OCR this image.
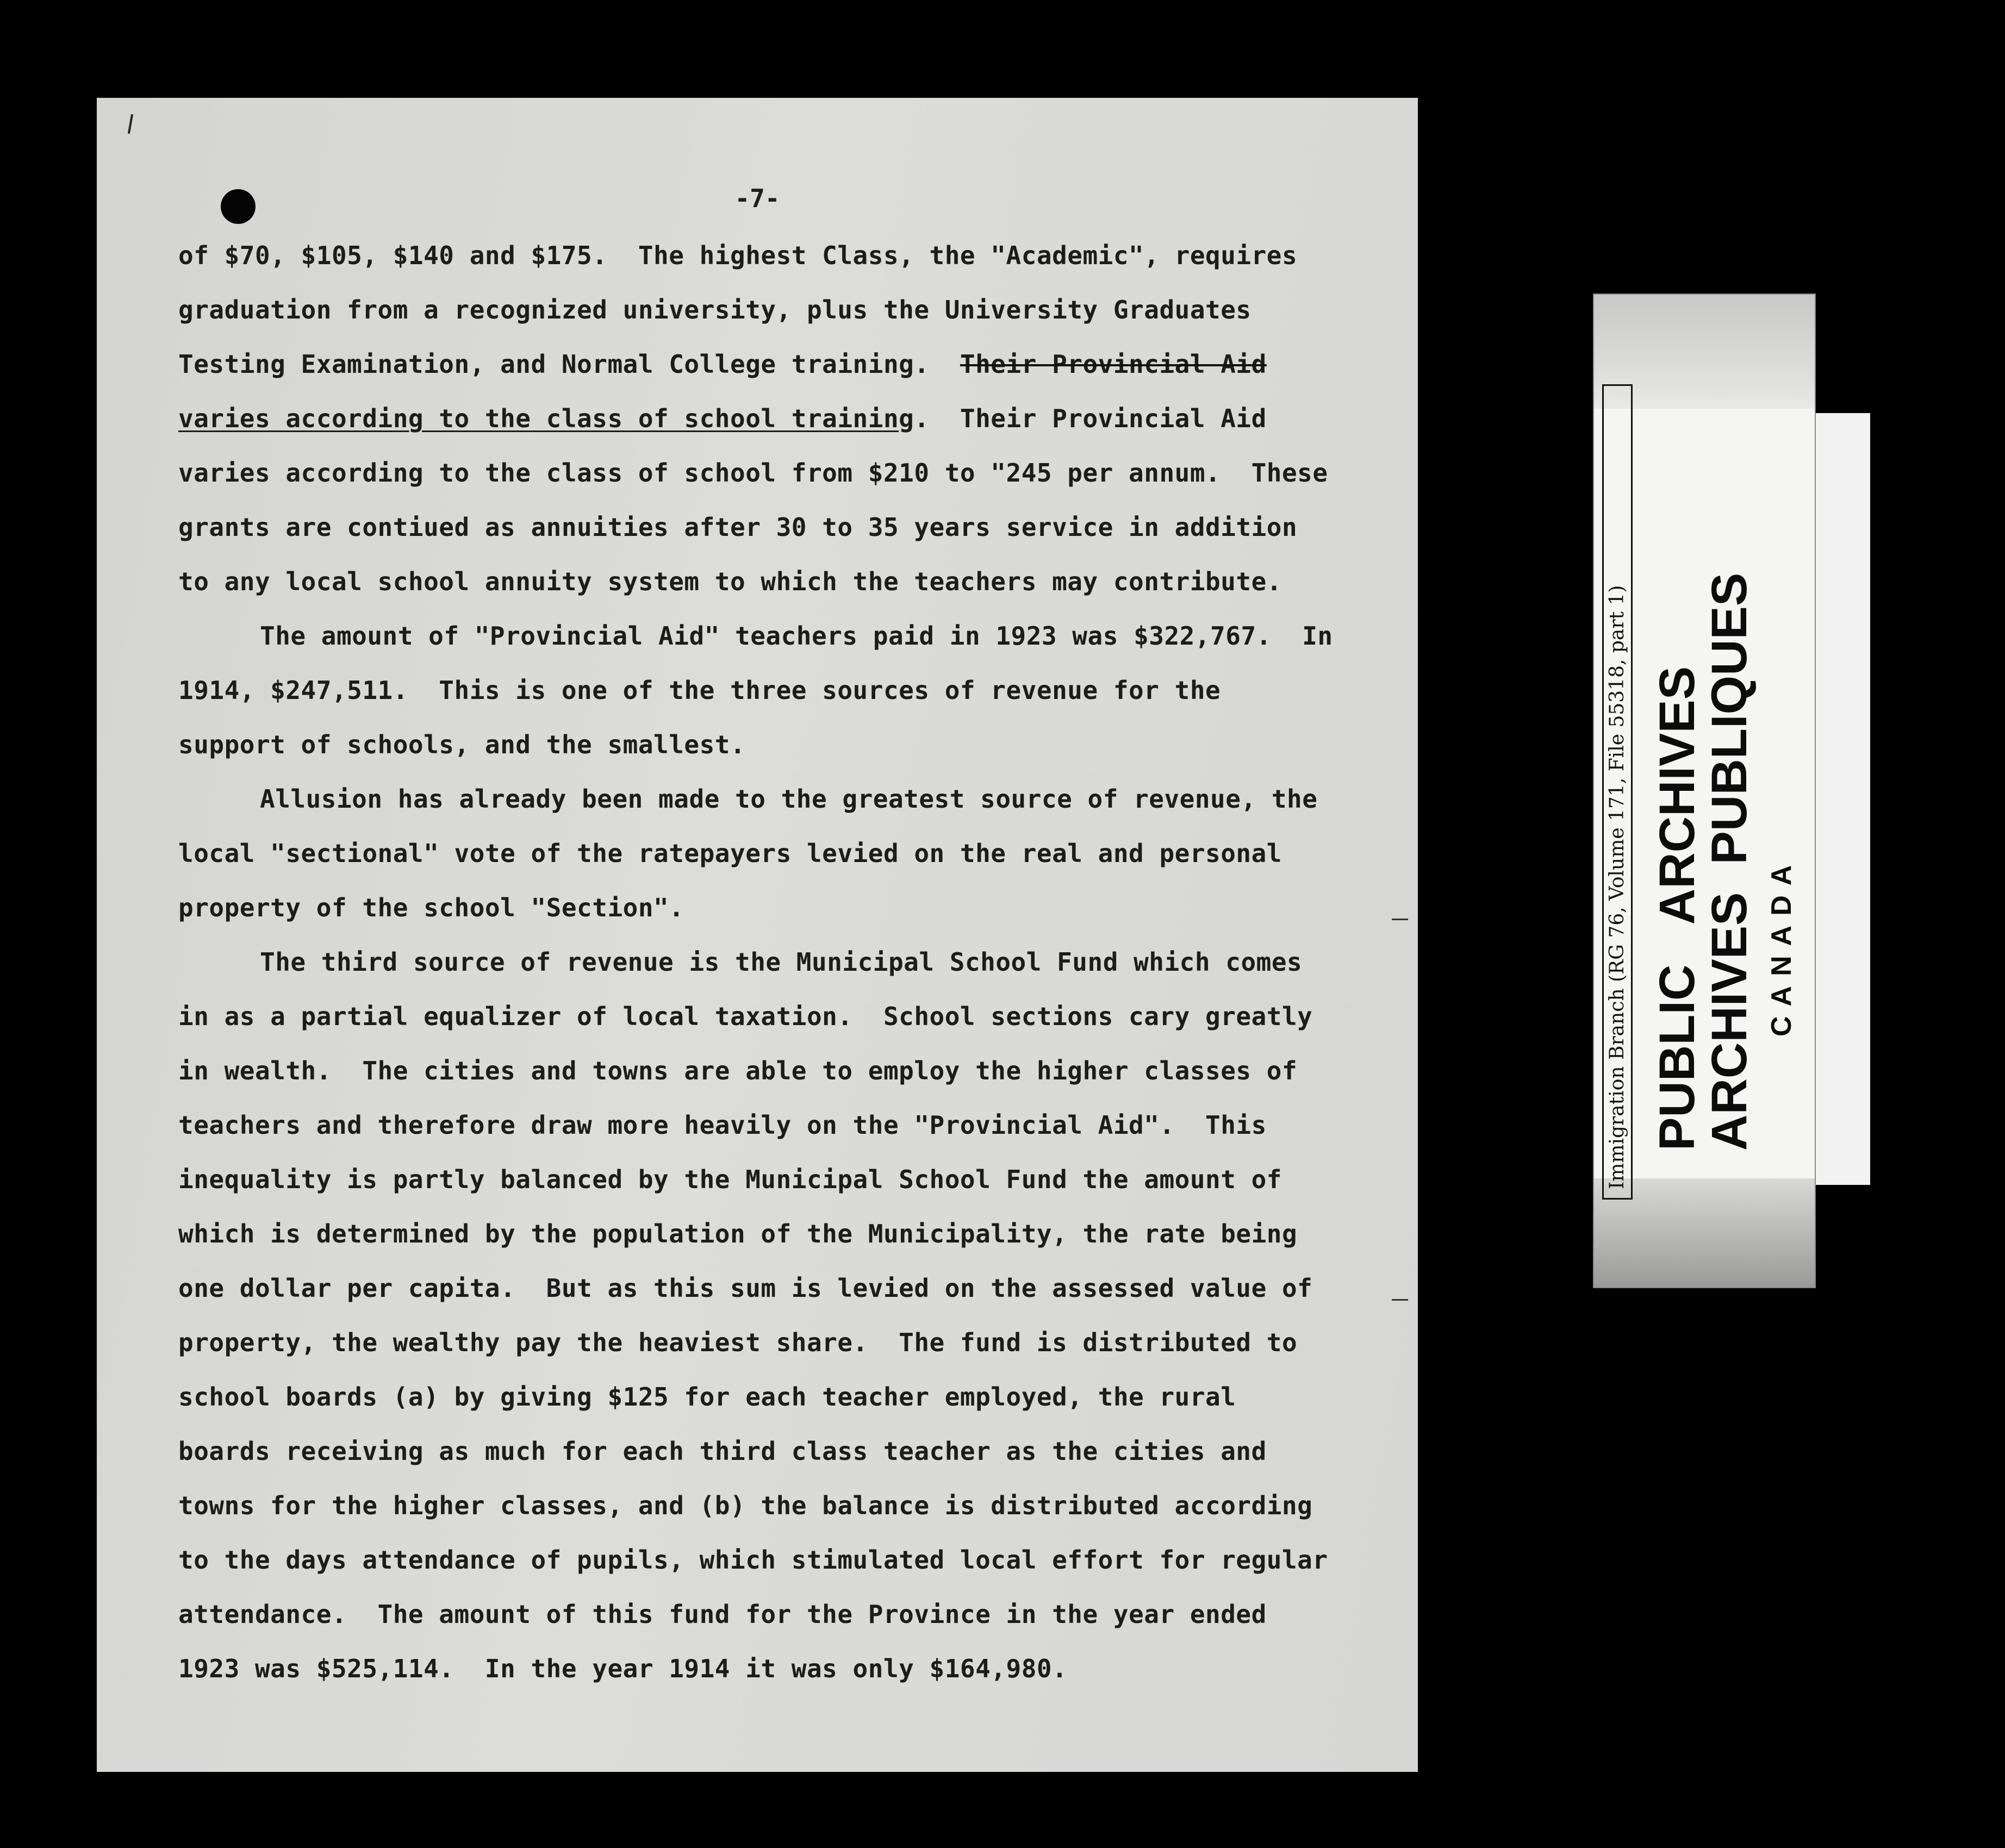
-7-
of $70, $105, $140 and $175.  The highest Class, the "Academic", requires
graduation from a recognized university, plus the University Graduates
Testing Examination, and Normal College training. Their Provincial Aid
varies according to the class of school training.  Their Provincial Aid
varies according to the class of school from $210 to "245 per annum.  These
grants are contiued as annuities after 30 to 35 years service in addition
to any local school annuity system to which the teachers may contribute.
The amount of "Provincial Aid" teachers paid in 1923 was $322,767.  In
1914, $247,511.  This is one of the three sources of revenue for the
support of schools, and the smallest.
Allusion has already been made to the greatest source of revenue, the
local "sectional" vote of the ratepayers levied on the real and personal
property of the school "Section".
The third source of revenue is the Municipal School Fund which comes
in as a partial equalizer of local taxation.  School sections cary greatly
in wealth.  The cities and towns are able to employ the higher classes of
teachers and therefore draw more heavily on the "Provincial Aid".  This
inequality is partly balanced by the Municipal School Fund the amount of
which is determined by the population of the Municipality, the rate being
one dollar per capita.  But as this sum is levied on the assessed value of
property, the wealthy pay the heaviest share.  The fund is distributed to
school boards (a) by giving $125 for each teacher employed, the rural
boards receiving as much for each third class teacher as the cities and
towns for the higher classes, and (b) the balance is distributed according
to the days attendance of pupils, which stimulated local effort for regular
attendance.  The amount of this fund for the Province in the year ended
1923 was $525,114.  In the year 1914 it was only $164,980.
Immigration Branch (RG 76, Volume 171, File 55318, part 1) PUBLIC   ARCHIVES
ARCHIVES  PUBLIQUES CANADA
